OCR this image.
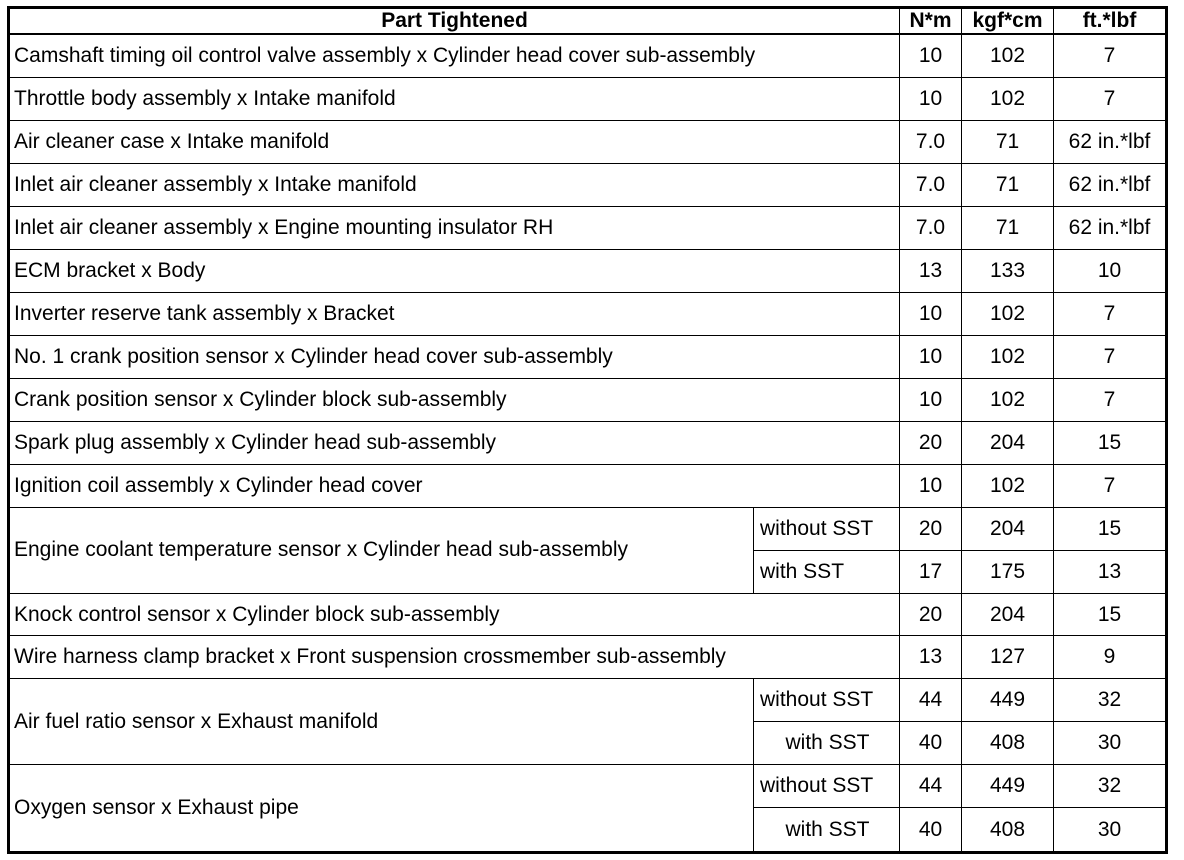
Part Tightened		N*m	kgf*cm	ft.*lbf
Camshaft timing oil control valve assembly x Cylinder head cover sub-assembly		10	102	7
Throttle body assembly x Intake manifold		10	102	7
Air cleaner case x Intake manifold		7.0	71	62 in.*lbf
Inlet air cleaner assembly x Intake manifold		7.0	71	62 in.*lbf
Inlet air cleaner assembly x Engine mounting insulator RH		7.0	71	62 in.*lbf
ECM bracket x Body		13	133	10
Inverter reserve tank assembly x Bracket		10	102	7
No. 1 crank position sensor x Cylinder head cover sub-assembly		10	102	7
Crank position sensor x Cylinder block sub-assembly		10	102	7
Spark plug assembly x Cylinder head sub-assembly		20	204	15
Ignition coil assembly x Cylinder head cover		10	102	7
Engine coolant temperature sensor x Cylinder head sub-assembly	without SST	20	204	15
	with SST	17	175	13
Knock control sensor x Cylinder block sub-assembly		20	204	15
Wire harness clamp bracket x Front suspension crossmember sub-assembly		13	127	9
Air fuel ratio sensor x Exhaust manifold	without SST	44	449	32
	with SST	40	408	30
Oxygen sensor x Exhaust pipe	without SST	44	449	32
	with SST	40	408	30
